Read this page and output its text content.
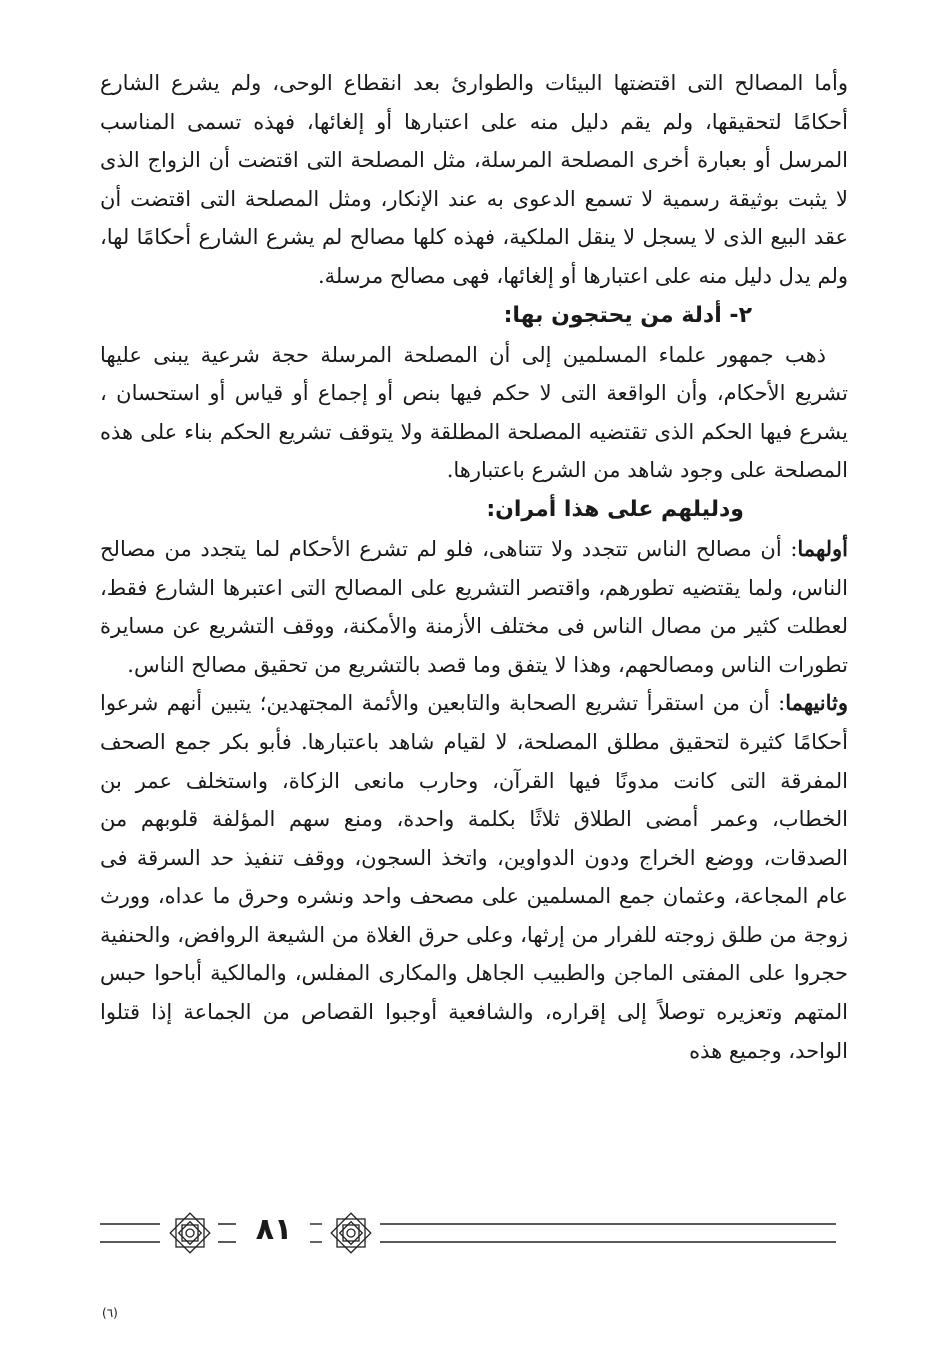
وأما المصالح التى اقتضتها البيئات والطوارئ بعد انقطاع الوحى، ولم يشرع الشارع أحكامًا لتحقيقها، ولم يقم دليل منه على اعتبارها أو إلغائها، فهذه تسمى المناسب المرسل أو بعبارة أخرى المصلحة المرسلة، مثل المصلحة التى اقتضت أن الزواج الذى لا يثبت بوثيقة رسمية لا تسمع الدعوى به عند الإنكار، ومثل المصلحة التى اقتضت أن عقد البيع الذى لا يسجل لا ينقل الملكية، فهذه كلها مصالح لم يشرع الشارع أحكامًا لها، ولم يدل دليل منه على اعتبارها أو إلغائها، فهى مصالح مرسلة.

٢- أدلة من يحتجون بها:

ذهب جمهور علماء المسلمين إلى أن المصلحة المرسلة حجة شرعية يبنى عليها تشريع الأحكام، وأن الواقعة التى لا حكم فيها بنص أو إجماع أو قياس أو استحسان ، يشرع فيها الحكم الذى تقتضيه المصلحة المطلقة ولا يتوقف تشريع الحكم بناء على هذه المصلحة على وجود شاهد من الشرع باعتبارها.

ودليلهم على هذا أمران:

أولهما: أن مصالح الناس تتجدد ولا تتناهى، فلو لم تشرع الأحكام لما يتجدد من مصالح الناس، ولما يقتضيه تطورهم، واقتصر التشريع على المصالح التى اعتبرها الشارع فقط، لعطلت كثير من مصال الناس فى مختلف الأزمنة والأمكنة، ووقف التشريع عن مسايرة تطورات الناس ومصالحهم، وهذا لا يتفق وما قصد بالتشريع من تحقيق مصالح الناس.

وثانيهما: أن من استقرأ تشريع الصحابة والتابعين والأئمة المجتهدين؛ يتبين أنهم شرعوا أحكامًا كثيرة لتحقيق مطلق المصلحة، لا لقيام شاهد باعتبارها. فأبو بكر جمع الصحف المفرقة التى كانت مدونًا فيها القرآن، وحارب مانعى الزكاة، واستخلف عمر بن الخطاب، وعمر أمضى الطلاق ثلاثًا بكلمة واحدة، ومنع سهم المؤلفة قلوبهم من الصدقات، ووضع الخراج ودون الدواوين، واتخذ السجون، ووقف تنفيذ حد السرقة فى عام المجاعة، وعثمان جمع المسلمين على مصحف واحد ونشره وحرق ما عداه، وورث زوجة من طلق زوجته للفرار من إرثها، وعلى حرق الغلاة من الشيعة الروافض، والحنفية حجروا على المفتى الماجن والطبيب الجاهل والمكارى المفلس، والمالكية أباحوا حبس المتهم وتعزيره توصلاً إلى إقراره، والشافعية أوجبوا القصاص من الجماعة إذا قتلوا الواحد، وجميع هذه

٨١
(٦)
